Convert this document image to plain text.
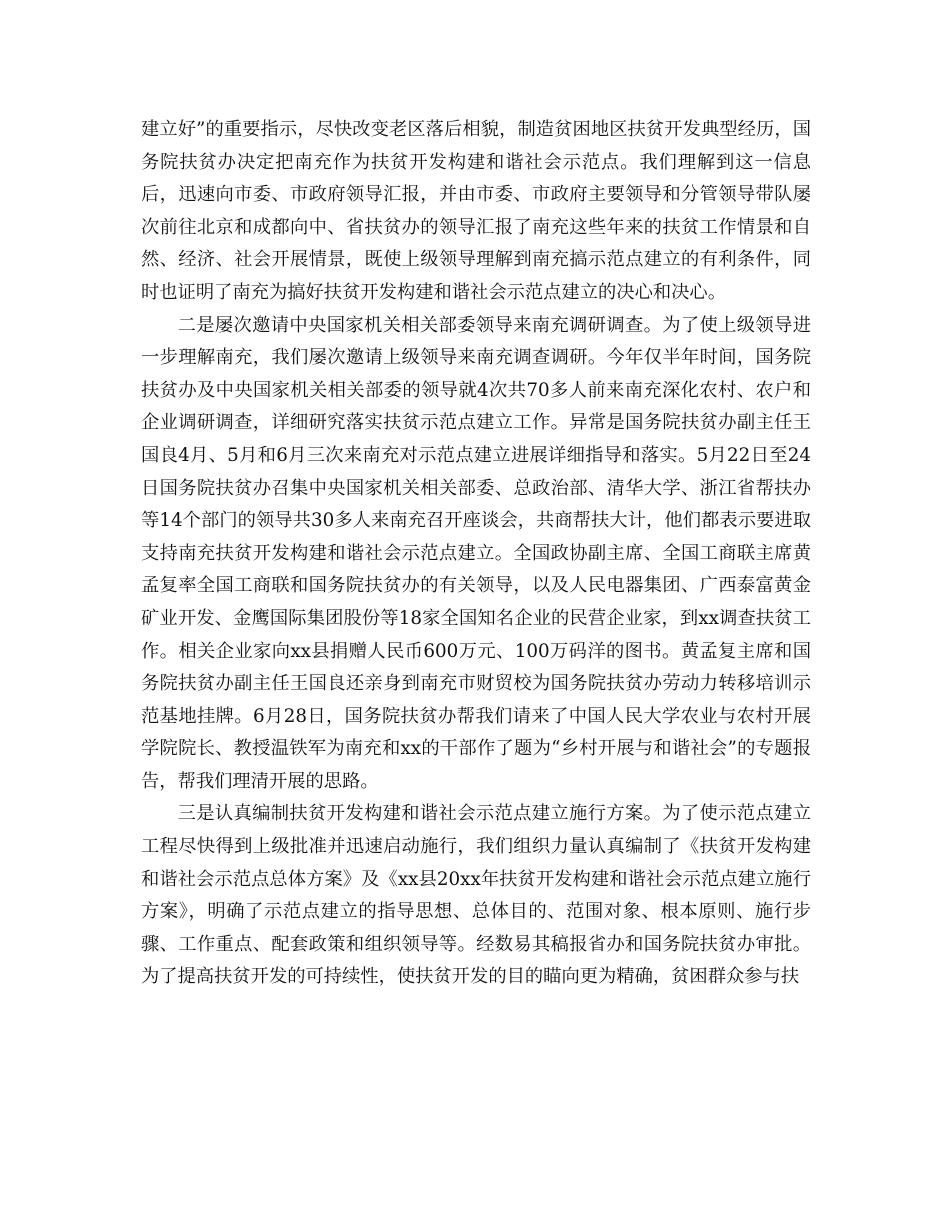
建立好”的重要指示，尽快改变老区落后相貌，制造贫困地区扶贫开发典型经历，国务院扶贫办决定把南充作为扶贫开发构建和谐社会示范点。我们理解到这一信息后，迅速向市委、市政府领导汇报，并由市委、市政府主要领导和分管领导带队屡次前往北京和成都向中、省扶贫办的领导汇报了南充这些年来的扶贫工作情景和自然、经济、社会开展情景，既使上级领导理解到南充搞示范点建立的有利条件，同时也证明了南充为搞好扶贫开发构建和谐社会示范点建立的决心和决心。

二是屡次邀请中央国家机关相关部委领导来南充调研调查。为了使上级领导进一步理解南充，我们屡次邀请上级领导来南充调查调研。今年仅半年时间，国务院扶贫办及中央国家机关相关部委的领导就4次共70多人前来南充深化农村、农户和企业调研调查，详细研究落实扶贫示范点建立工作。异常是国务院扶贫办副主任王国良4月、5月和6月三次来南充对示范点建立进展详细指导和落实。5月22日至24日国务院扶贫办召集中央国家机关相关部委、总政治部、清华大学、浙江省帮扶办等14个部门的领导共30多人来南充召开座谈会，共商帮扶大计，他们都表示要进取支持南充扶贫开发构建和谐社会示范点建立。全国政协副主席、全国工商联主席黄孟复率全国工商联和国务院扶贫办的有关领导，以及人民电器集团、广西泰富黄金矿业开发、金鹰国际集团股份等18家全国知名企业的民营企业家，到xx调查扶贫工作。相关企业家向xx县捐赠人民币600万元、100万码洋的图书。黄孟复主席和国务院扶贫办副主任王国良还亲身到南充市财贸校为国务院扶贫办劳动力转移培训示范基地挂牌。6月28日，国务院扶贫办帮我们请来了中国人民大学农业与农村开展学院院长、教授温铁军为南充和xx的干部作了题为“乡村开展与和谐社会”的专题报告，帮我们理清开展的思路。

三是认真编制扶贫开发构建和谐社会示范点建立施行方案。为了使示范点建立工程尽快得到上级批准并迅速启动施行，我们组织力量认真编制了《扶贫开发构建和谐社会示范点总体方案》及《xx县20xx年扶贫开发构建和谐社会示范点建立施行方案》，明确了示范点建立的指导思想、总体目的、范围对象、根本原则、施行步骤、工作重点、配套政策和组织领导等。经数易其稿报省办和国务院扶贫办审批。为了提高扶贫开发的可持续性，使扶贫开发的目的瞄向更为精确，贫困群众参与扶
